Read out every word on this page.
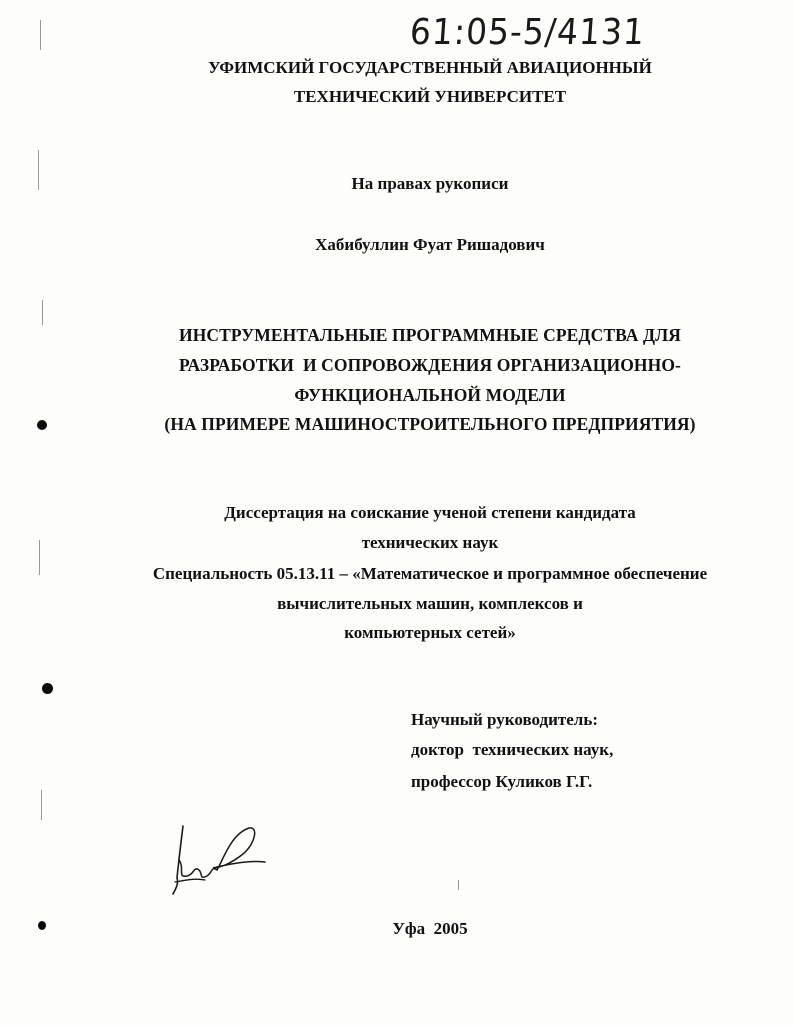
61:05-5/4131
УФИМСКИЙ ГОСУДАРСТВЕННЫЙ АВИАЦИОННЫЙ
ТЕХНИЧЕСКИЙ УНИВЕРСИТЕТ
На правах рукописи
Хабибуллин Фуат Ришадович
ИНСТРУМЕНТАЛЬНЫЕ ПРОГРАММНЫЕ СРЕДСТВА ДЛЯ
РАЗРАБОТКИ  И СОПРОВОЖДЕНИЯ ОРГАНИЗАЦИОННО-
ФУНКЦИОНАЛЬНОЙ МОДЕЛИ
(НА ПРИМЕРЕ МАШИНОСТРОИТЕЛЬНОГО ПРЕДПРИЯТИЯ)
Диссертация на соискание ученой степени кандидата
технических наук
Специальность 05.13.11 – «Математическое и программное обеспечение
вычислительных машин, комплексов и
компьютерных сетей»
Научный руководитель:
доктор  технических наук,
профессор Куликов Г.Г.
Уфа  2005
